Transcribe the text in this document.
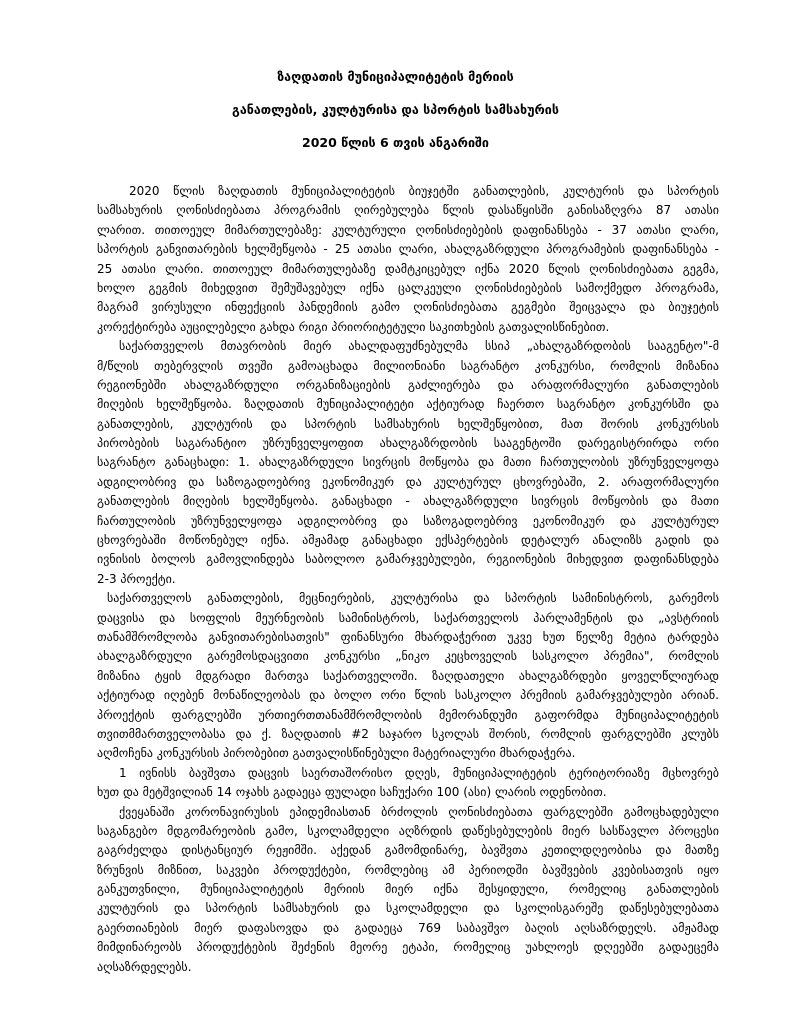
ზაღდათის მუნიციპალიტეტის მერიის
განათლების, კულტურისა და სპორტის სამსახურის
2020 წლის 6 თვის ანგარიში
2020 წლის ზაღდათის მუნიციპალიტეტის ბიუჯეტში განათლების, კულტურის და სპორტის
სამსახურის ღონისძიებათა პროგრამის ღირებულება წლის დასაწყისში განისაზღვრა 87 ათასი
ლარით. თითოეულ მიმართულებაზე: კულტურული ღონისძიებების დაფინანსება - 37 ათასი ლარი,
სპორტის განვითარების ხელშეწყობა - 25 ათასი ლარი, ახალგაზრდული პროგრამების დაფინანსება -
25 ათასი ლარი. თითოეულ მიმართულებაზე დამტკიცებულ იქნა 2020 წლის ღონისძიებათა გეგმა,
ხოლო გეგმის მიხედვით შემუშავებულ იქნა ცალკეული ღონისძიებების სამოქმედო პროგრამა,
მაგრამ ვირუსული ინფექციის პანდემიის გამო ღონისძიებათა გეგმები შეიცვალა და ბიუჯეტის
კორექტირება აუცილებელი გახდა რიგი პრიორიტეტული საკითხების გათვალისწინებით.
საქართველოს მთავრობის მიერ ახალდაფუძნებულმა სსიპ „ახალგაზრდობის სააგენტო"-მ
მ/წლის თებერვლის თვეში გამოაცხადა მილიონიანი საგრანტო კონკურსი, რომლის მიზანია
რეგიონებში ახალგაზრდული ორგანიზაციების გაძლიერება და არაფორმალური განათლების
მიღების ხელშეწყობა. ზაღდათის მუნიციპალიტეტი აქტიურად ჩაერთო საგრანტო კონკურსში და
განათლების, კულტურის და სპორტის სამსახურის ხელშეწყობით, მათ შორის კონკურსის
პირობების საგარანტიო უზრუნველყოფით ახალგაზრდობის სააგენტოში დარეგისტრირდა ორი
საგრანტო განაცხადი: 1. ახალგაზრდული სივრცის მოწყობა და მათი ჩართულობის უზრუნველყოფა
ადგილობრივ და საზოგადოებრივ ეკონომიკურ და კულტურულ ცხოვრებაში, 2. არაფორმალური
განათლების მიღების ხელშეწყობა. განაცხადი - ახალგაზრდული სივრცის მოწყობის და მათი
ჩართულობის უზრუნველყოფა ადგილობრივ და საზოგადოებრივ ეკონომიკურ და კულტურულ
ცხოვრებაში მოწონებულ იქნა. ამჟამად განაცხადი ექსპერტების დეტალურ ანალიზს გადის და
ივნისის ბოლოს გამოვლინდება საბოლოო გამარჯვებულები, რეგიონების მიხედვით დაფინანსდება
2-3 პროექტი.
საქართველოს განათლების, მეცნიერების, კულტურისა და სპორტის სამინისტროს, გარემოს
დაცვისა და სოფლის მეურნეობის სამინისტროს, საქართველოს პარლამენტის და „ავსტრიის
თანამშრომლობა განვითარებისათვის" ფინანსური მხარდაჭერით უკვე ხუთ წელზე მეტია ტარდება
ახალგაზრდული გარემოსდაცვითი კონკურსი „ნიკო კეცხოველის სასკოლო პრემია", რომლის
მიზანია ტყის მდგრადი მართვა საქართველოში. ზაღდათელი ახალგაზრდები ყოველწლიურად
აქტიურად იღებენ მონაწილეობას და ბოლო ორი წლის სასკოლო პრემიის გამარჯვებულები არიან.
პროექტის ფარგლებში ურთიერთთანამშრომლობის მემორანდუმი გაფორმდა მუნიციპალიტეტის
თვითმმართველობასა და ქ. ზაღდათის #2 საჯარო სკოლას შორის, რომლის ფარგლებში კლუბს
აღმოჩენა კონკურსის პირობებით გათვალისწინებული მატერიალური მხარდაჭერა.
1 ივნისს ბავშვთა დაცვის საერთაშორისო დღეს, მუნიციპალიტეტის ტერიტორიაზე მცხოვრებ
ხუთ და მეტშვილიან 14 ოჯახს გადაეცა ფულადი საჩუქარი 100 (ასი) ლარის ოდენობით.
ქვეყანაში კორონავირუსის ეპიდემიასთან ბრძოლის ღონისძიებათა ფარგლებში გამოცხადებული
საგანგებო მდგომარეობის გამო, სკოლამდელი აღზრდის დაწესებულების მიერ სასწავლო პროცესი
გაგრძელდა დისტანციურ რეჟიმში. აქედან გამომდინარე, ბავშვთა კეთილდღეობისა და მათზე
ზრუნვის მიზნით, საკვები პროდუქტები, რომლებიც ამ პერიოდში ბავშვების კვებისათვის იყო
განკუთვნილი, მუნიციპალიტეტის მერიის მიერ იქნა შესყიდული, რომელიც განათლების
კულტურის და სპორტის სამსახურის და სკოლამდელი და სკოლისგარეშე დაწესებულებათა
გაერთიანების მიერ დაფასოვდა და გადაეცა 769 საბავშვო ბაღის აღსაზრდელს. ამჟამად
მიმდინარეობს პროდუქტების შეძენის მეორე ეტაპი, რომელიც უახლოეს დღეებში გადაეცემა
აღსაზრდელებს.
